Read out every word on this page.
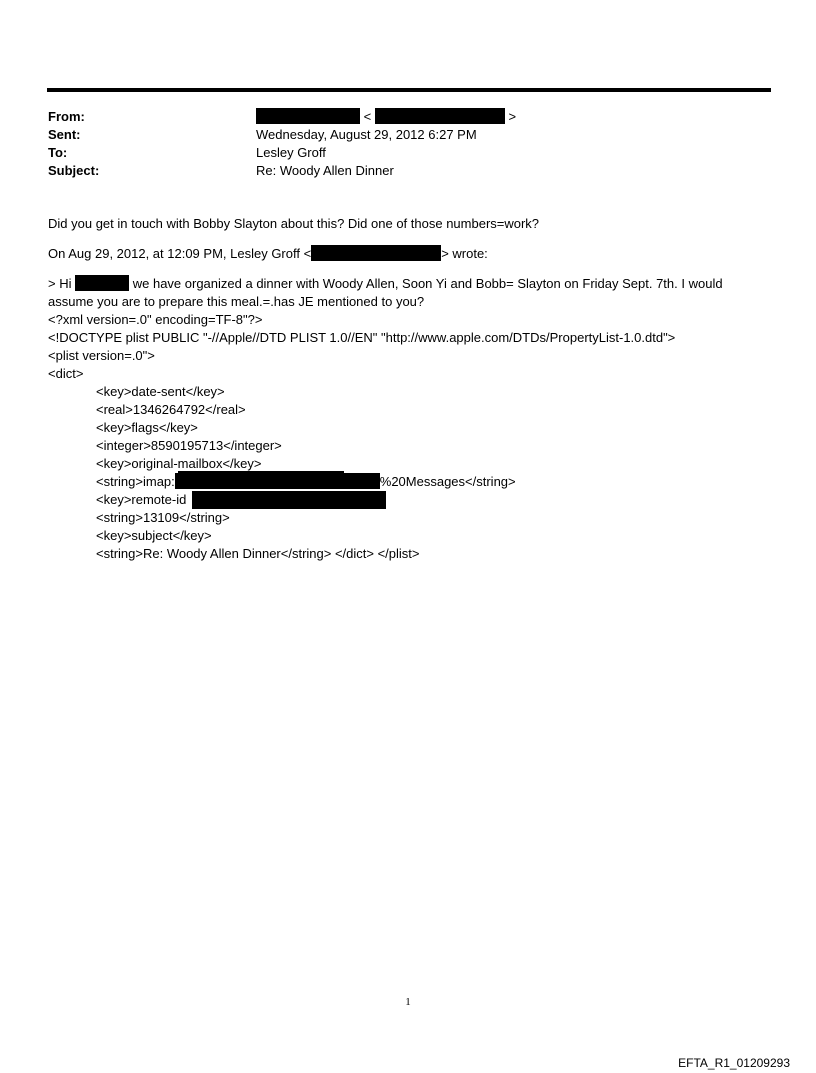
From:	<	>
Sent:	Wednesday, August 29, 2012 6:27 PM
To:	Lesley Groff
Subject:	Re: Woody Allen Dinner
Did you get in touch with Bobby Slayton about this? Did one of those numbers=work?
On Aug 29, 2012, at 12:09 PM, Lesley Groff <	> wrote:
> Hi	we have organized a dinner with Woody Allen, Soon Yi and Bobb= Slayton on Friday Sept. 7th. I would
assume you are to prepare this meal.=.has JE mentioned to you?
<?xml version=.0" encoding=TF-8"?>
<!DOCTYPE plist PUBLIC "-//Apple//DTD PLIST 1.0//EN" "http://www.apple.com/DTDs/PropertyList-1.0.dtd">
<plist version=.0">
<dict>
<key>date-sent</key>
<real>1346264792</real>
<key>flags</key>
<integer>8590195713</integer>
<key>original-mailbox</key>
<string>imap:	%20Messages</string>
<key>remote-id
<string>13109</string>
<key>subject</key>
<string>Re: Woody Allen Dinner</string> </dict> </plist>
1
EFTA_R1_01209293
